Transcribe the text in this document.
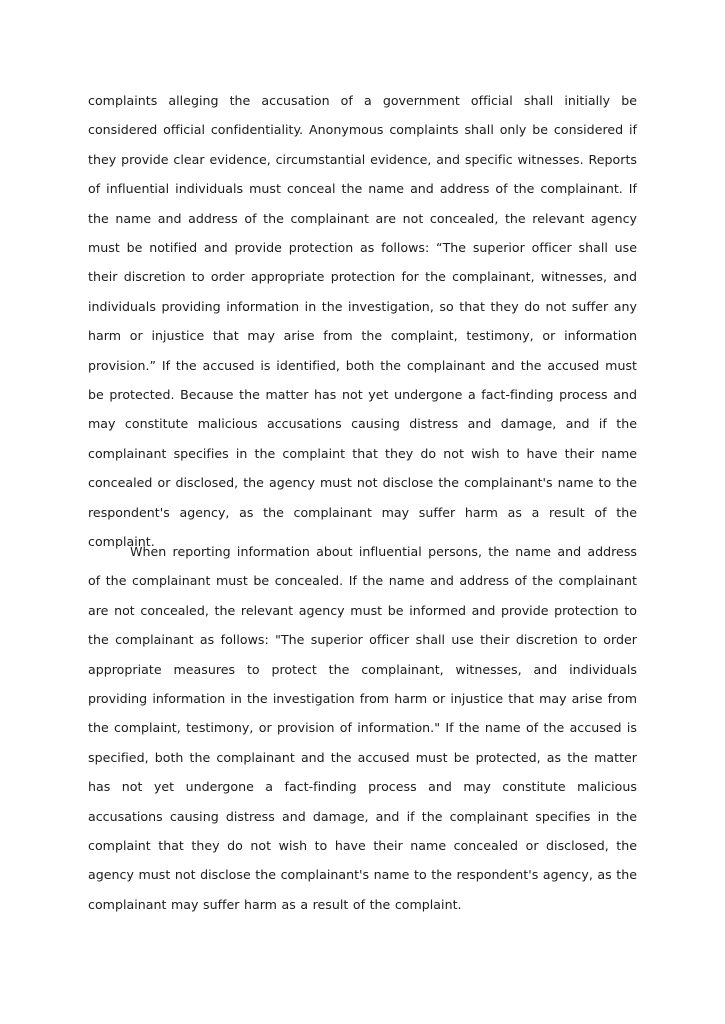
complaints alleging the accusation of a government official shall initially be considered official confidentiality. Anonymous complaints shall only be considered if they provide clear evidence, circumstantial evidence, and specific witnesses. Reports of influential individuals must conceal the name and address of the complainant. If the name and address of the complainant are not concealed, the relevant agency must be notified and provide protection as follows: “The superior officer shall use their discretion to order appropriate protection for the complainant, witnesses, and individuals providing information in the investigation, so that they do not suffer any harm or injustice that may arise from the complaint, testimony, or information provision.” If the accused is identified, both the complainant and the accused must be protected. Because the matter has not yet undergone a fact-finding process and may constitute malicious accusations causing distress and damage, and if the complainant specifies in the complaint that they do not wish to have their name concealed or disclosed, the agency must not disclose the complainant's name to the respondent's agency, as the complainant may suffer harm as a result of the complaint.

When reporting information about influential persons, the name and address of the complainant must be concealed. If the name and address of the complainant are not concealed, the relevant agency must be informed and provide protection to the complainant as follows: "The superior officer shall use their discretion to order appropriate measures to protect the complainant, witnesses, and individuals providing information in the investigation from harm or injustice that may arise from the complaint, testimony, or provision of information." If the name of the accused is specified, both the complainant and the accused must be protected, as the matter has not yet undergone a fact-finding process and may constitute malicious accusations causing distress and damage, and if the complainant specifies in the complaint that they do not wish to have their name concealed or disclosed, the agency must not disclose the complainant's name to the respondent's agency, as the complainant may suffer harm as a result of the complaint.
